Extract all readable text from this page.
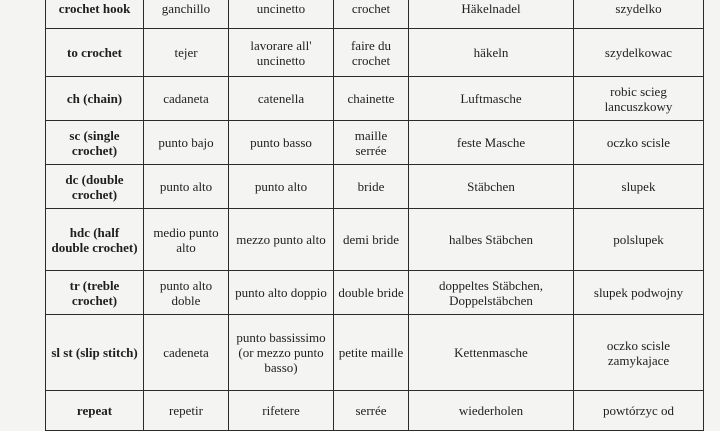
crochet hook	ganchillo	uncinetto	crochet	Häkelnadel	szydelko

to crochet	tejer	lavorare all' uncinetto	faire du crochet	häkeln	szydelkowac

ch (chain)	cadaneta	catenella	chainette	Luftmasche	robic scieg lancuszkowy

sc (single crochet)	punto bajo	punto basso	maille serrée	feste Masche	oczko scisle

dc (double crochet)	punto alto	punto alto	bride	Stäbchen	slupek

hdc (half double crochet)	medio punto alto	mezzo punto alto	demi bride	halbes Stäbchen	polslupek

tr (treble crochet)	punto alto doble	punto alto doppio	double bride	doppeltes Stäbchen, Doppelstäbchen	slupek podwojny

sl st (slip stitch)	cadeneta	punto bassissimo (or mezzo punto basso)	petite maille	Kettenmasche	oczko scisle zamykajace

repeat	repetir	rifetere	serrée	wiederholen	powtórzyc od
